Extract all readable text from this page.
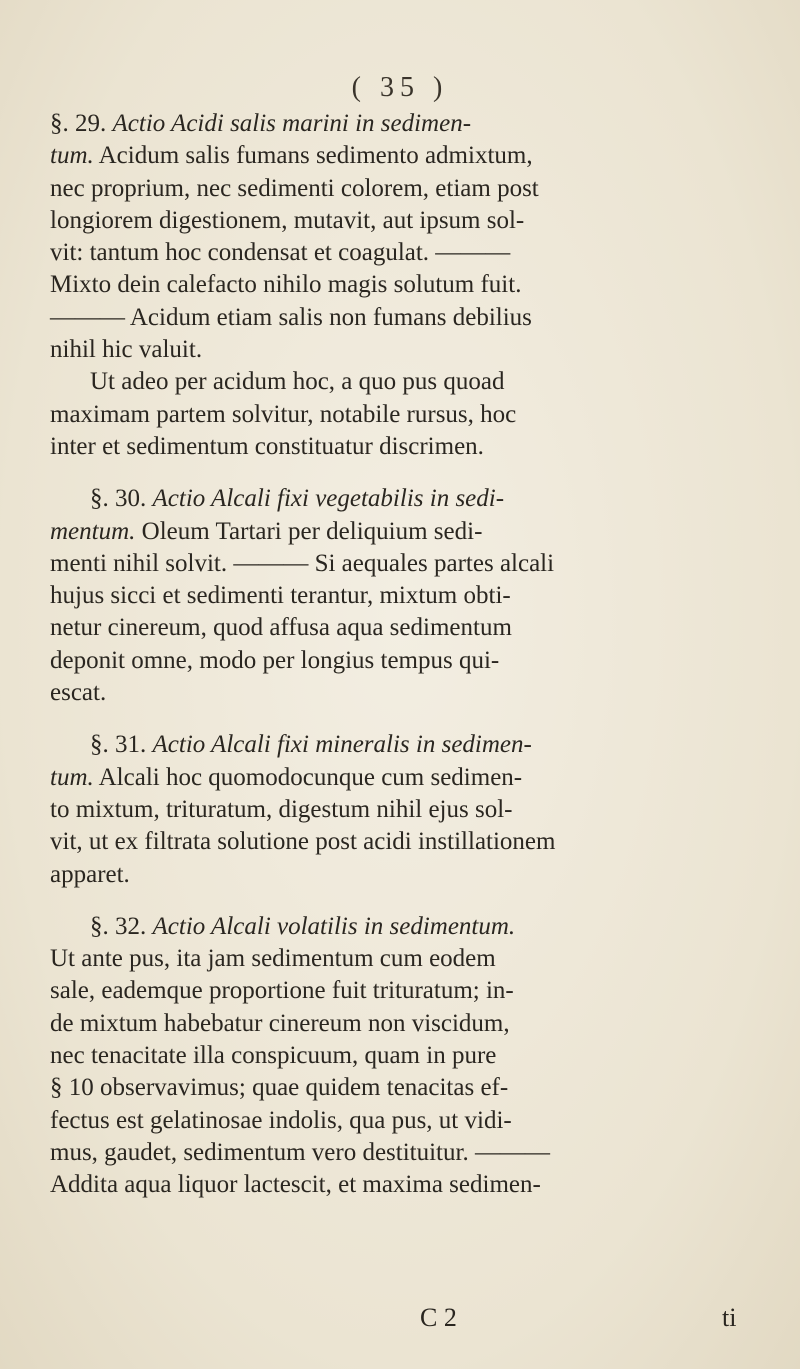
( 35 )
§. 29. Actio Acidi salis marini in sedimen-
tum. Acidum salis fumans sedimento admixtum,
nec proprium, nec sedimenti colorem, etiam post
longiorem digestionem, mutavit, aut ipsum sol-
vit: tantum hoc condensat et coagulat. ———
Mixto dein calefacto nihilo magis solutum fuit.
——— Acidum etiam salis non fumans debilius
nihil hic valuit.
Ut adeo per acidum hoc, a quo pus quoad
maximam partem solvitur, notabile rursus, hoc
inter et sedimentum constituatur discrimen.
§. 30. Actio Alcali fixi vegetabilis in sedi-
mentum. Oleum Tartari per deliquium sedi-
menti nihil solvit. ——— Si aequales partes alcali
hujus sicci et sedimenti terantur, mixtum obti-
netur cinereum, quod affusa aqua sedimentum
deponit omne, modo per longius tempus qui-
escat.
§. 31. Actio Alcali fixi mineralis in sedimen-
tum. Alcali hoc quomodocunque cum sedimen-
to mixtum, trituratum, digestum nihil ejus sol-
vit, ut ex filtrata solutione post acidi instillationem
apparet.
§. 32. Actio Alcali volatilis in sedimentum.
Ut ante pus, ita jam sedimentum cum eodem
sale, eademque proportione fuit trituratum; in-
de mixtum habebatur cinereum non viscidum,
nec tenacitate illa conspicuum, quam in pure
§ 10 observavimus; quae quidem tenacitas ef-
fectus est gelatinosae indolis, qua pus, ut vidi-
mus, gaudet, sedimentum vero destituitur. ———
Addita aqua liquor lactescit, et maxima sedimen-
C 2	ti
